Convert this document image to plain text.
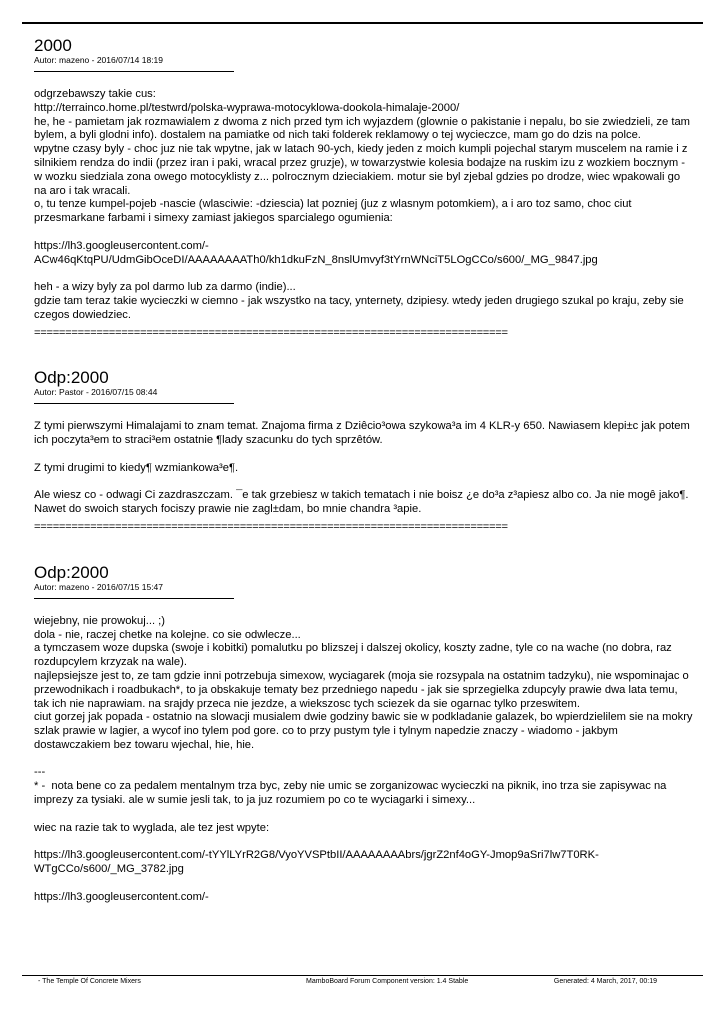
2000
Autor: mazeno - 2016/07/14 18:19

odgrzebawszy takie cus:
http://terrainco.home.pl/testwrd/polska-wyprawa-motocyklowa-dookola-himalaje-2000/
he, he - pamietam jak rozmawialem z dwoma z nich przed tym ich wyjazdem (glownie o pakistanie i nepalu, bo sie zwiedzieli, ze tam bylem, a byli glodni info). dostalem na pamiatke od nich taki folderek reklamowy o tej wycieczce, mam go do dzis na polce.
wpytne czasy byly - choc juz nie tak wpytne, jak w latach 90-ych, kiedy jeden z moich kumpli pojechal starym muscelem na ramie i z silnikiem rendza do indii (przez iran i paki, wracal przez gruzje), w towarzystwie kolesia bodajze na ruskim izu z wozkiem bocznym - w wozku siedziala zona owego motocyklisty z... polrocznym dzieciakiem. motur sie byl zjebal gdzies po drodze, wiec wpakowali go na aro i tak wracali.
o, tu tenze kumpel-pojeb -nascie (wlasciwie: -dziescia) lat pozniej (juz z wlasnym potomkiem), a i aro toz samo, choc ciut przesmarkane farbami i simexy zamiast jakiegos sparcialego ogumienia:

https://lh3.googleusercontent.com/-ACw46qKtqPU/UdmGibOceDI/AAAAAAAATh0/kh1dkuFzN_8nslUmvyf3tYrnWNciT5LOgCCo/s600/_MG_9847.jpg

heh - a wizy byly za pol darmo lub za darmo (indie)...
gdzie tam teraz takie wycieczki w ciemno - jak wszystko na tacy, ynternety, dzipiesy. wtedy jeden drugiego szukal po kraju, zeby sie czegos dowiedziec.

============================================================================
Odp:2000
Autor: Pastor - 2016/07/15 08:44

Z tymi pierwszymi Himalajami to znam temat. Znajoma firma z Dziêcio³owa szykowa³a im 4 KLR-y 650. Nawiasem klepi±c jak potem ich poczyta³em to straci³em ostatnie ¶lady szacunku do tych sprzêtów.

Z tymi drugimi to kiedy¶ wzmiankowa³e¶.

Ale wiesz co - odwagi Ci zazdraszczam. ¯e tak grzebiesz w takich tematach i nie boisz ¿e do³a z³apiesz albo co. Ja nie mogê jako¶. Nawet do swoich starych fociszy prawie nie zagl±dam, bo mnie chandra ³apie.

============================================================================
Odp:2000
Autor: mazeno - 2016/07/15 15:47

wiejebny, nie prowokuj... ;)
dola - nie, raczej chetke na kolejne. co sie odwlecze...
a tymczasem woze dupska (swoje i kobitki) pomalutku po blizszej i dalszej okolicy, koszty zadne, tyle co na wache (no dobra, raz rozdupcylem krzyzak na wale).
najlepsiejsze jest to, ze tam gdzie inni potrzebuja simexow, wyciagarek (moja sie rozsypala na ostatnim tadzyku), nie wspominajac o przewodnikach i roadbukach*, to ja obskakuje tematy bez przedniego napedu - jak sie sprzegielka zdupcyly prawie dwa lata temu, tak ich nie naprawiam. na srajdy przeca nie jezdze, a wiekszosc tych sciezek da sie ogarnac tylko przeswitem.
ciut gorzej jak popada - ostatnio na slowacji musialem dwie godziny bawic sie w podkladanie galazek, bo wpierdzielilem sie na mokry szlak prawie w lagier, a wycof ino tylem pod gore. co to przy pustym tyle i tylnym napedzie znaczy - wiadomo - jakbym dostawczakiem bez towaru wjechal, hie, hie.

---
* -  nota bene co za pedalem mentalnym trza byc, zeby nie umic se zorganizowac wycieczki na piknik, ino trza sie zapisywac na imprezy za tysiaki. ale w sumie jesli tak, to ja juz rozumiem po co te wyciagarki i simexy...

wiec na razie tak to wyglada, ale tez jest wpyte:

https://lh3.googleusercontent.com/-tYYlLYrR2G8/VyoYVSPtbII/AAAAAAAAbrs/jgrZ2nf4oGY-Jmop9aSri7lw7T0RK-WTgCCo/s600/_MG_3782.jpg

https://lh3.googleusercontent.com/-

- The Temple Of Concrete Mixers	MamboBoard Forum Component version: 1.4 Stable	Generated: 4 March, 2017, 00:19
